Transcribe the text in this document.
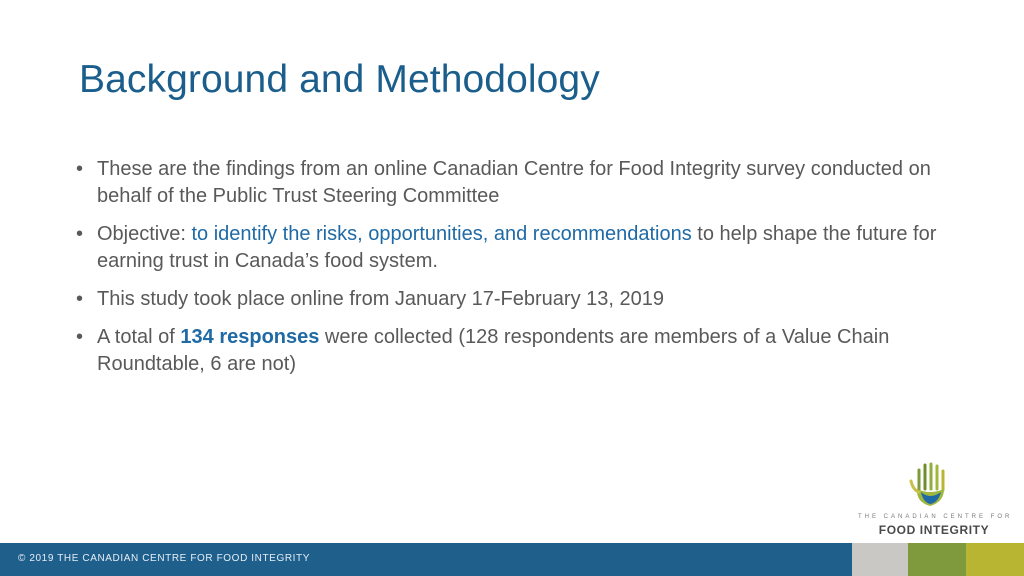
Background and Methodology
• These are the findings from an online Canadian Centre for Food Integrity survey conducted on behalf of the Public Trust Steering Committee
• Objective: to identify the risks, opportunities, and recommendations to help shape the future for earning trust in Canada’s food system.
• This study took place online from January 17-February 13, 2019
• A total of 134 responses were collected (128 respondents are members of a Value Chain Roundtable, 6 are not)
THE CANADIAN CENTRE FOR
FOOD INTEGRITY
© 2019 THE CANADIAN CENTRE FOR FOOD INTEGRITY
